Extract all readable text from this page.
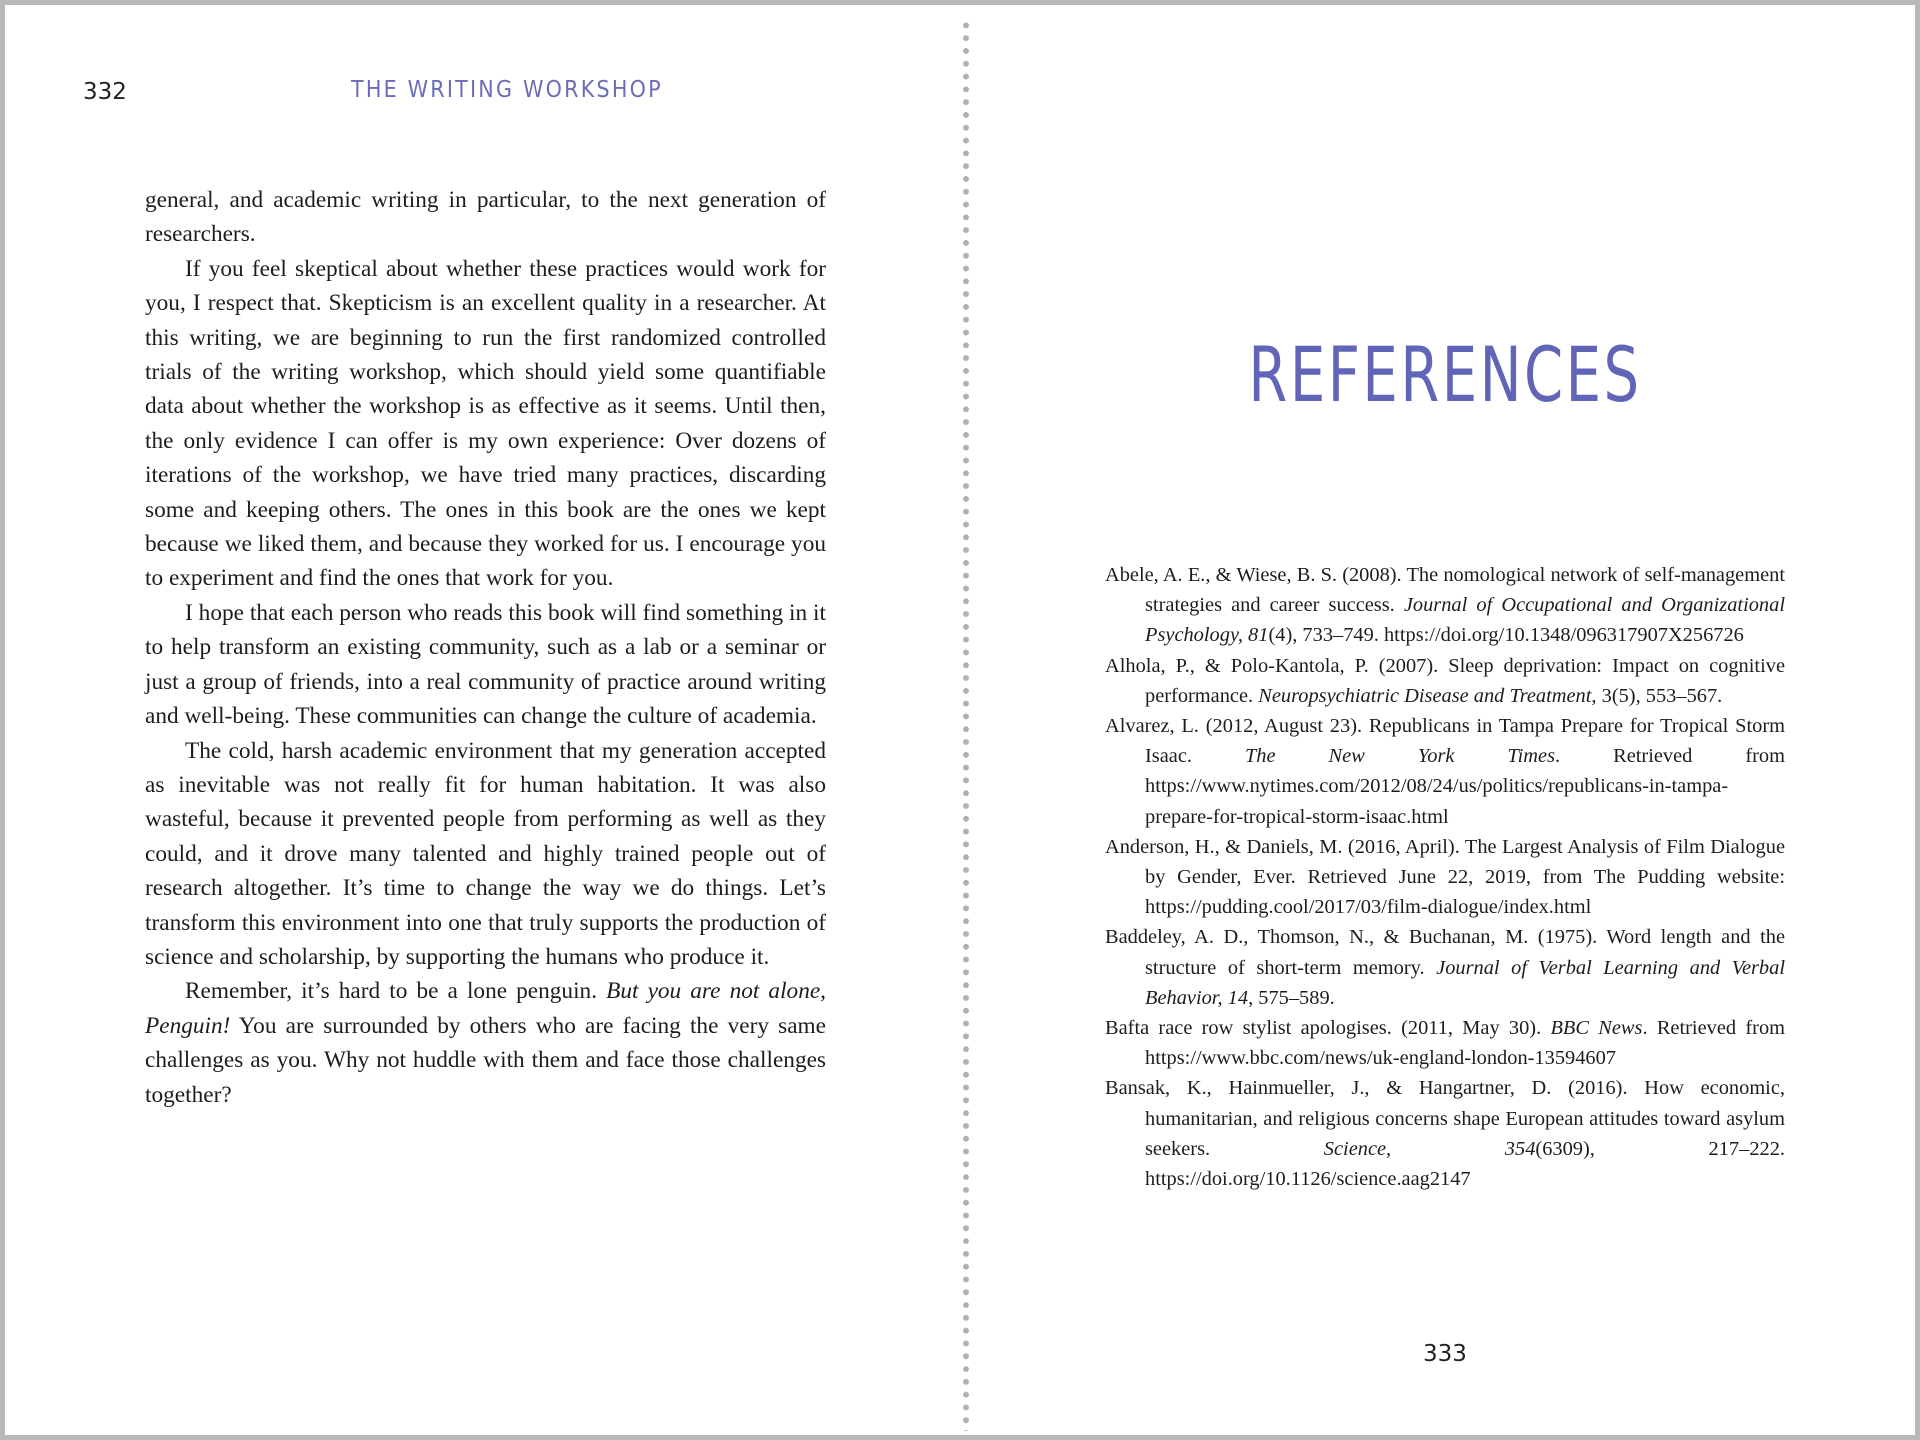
332	THE WRITING WORKSHOP

general, and academic writing in particular, to the next generation of researchers.

If you feel skeptical about whether these practices would work for you, I respect that. Skepticism is an excellent quality in a researcher. At this writing, we are beginning to run the first randomized controlled trials of the writing workshop, which should yield some quantifiable data about whether the workshop is as effective as it seems. Until then, the only evidence I can offer is my own experience: Over dozens of iterations of the workshop, we have tried many practices, discarding some and keeping others. The ones in this book are the ones we kept because we liked them, and because they worked for us. I encourage you to experiment and find the ones that work for you.

I hope that each person who reads this book will find something in it to help transform an existing community, such as a lab or a seminar or just a group of friends, into a real community of practice around writing and well-being. These communities can change the culture of academia.

The cold, harsh academic environment that my generation accepted as inevitable was not really fit for human habitation. It was also wasteful, because it prevented people from performing as well as they could, and it drove many talented and highly trained people out of research altogether. It’s time to change the way we do things. Let’s transform this environment into one that truly supports the production of science and scholarship, by supporting the humans who produce it.

Remember, it’s hard to be a lone penguin. But you are not alone, Penguin! You are surrounded by others who are facing the very same challenges as you. Why not huddle with them and face those challenges together?

REFERENCES
Abele, A. E., & Wiese, B. S. (2008). The nomological network of self-management strategies and career success. Journal of Occupational and Organizational Psychology, 81(4), 733–749. https://doi.org/10.1348/096317907X256726
Alhola, P., & Polo-Kantola, P. (2007). Sleep deprivation: Impact on cognitive performance. Neuropsychiatric Disease and Treatment, 3(5), 553–567.
Alvarez, L. (2012, August 23). Republicans in Tampa Prepare for Tropical Storm Isaac. The New York Times. Retrieved from https://www.nytimes.com/2012/08/24/us/politics/republicans-in-tampa-prepare-for-tropical-storm-isaac.html
Anderson, H., & Daniels, M. (2016, April). The Largest Analysis of Film Dialogue by Gender, Ever. Retrieved June 22, 2019, from The Pudding website: https://pudding.cool/2017/03/film-dialogue/index.html
Baddeley, A. D., Thomson, N., & Buchanan, M. (1975). Word length and the structure of short-term memory. Journal of Verbal Learning and Verbal Behavior, 14, 575–589.
Bafta race row stylist apologises. (2011, May 30). BBC News. Retrieved from https://www.bbc.com/news/uk-england-london-13594607
Bansak, K., Hainmueller, J., & Hangartner, D. (2016). How economic, humanitarian, and religious concerns shape European attitudes toward asylum seekers. Science, 354(6309), 217–222. https://doi.org/10.1126/science.aag2147
333
